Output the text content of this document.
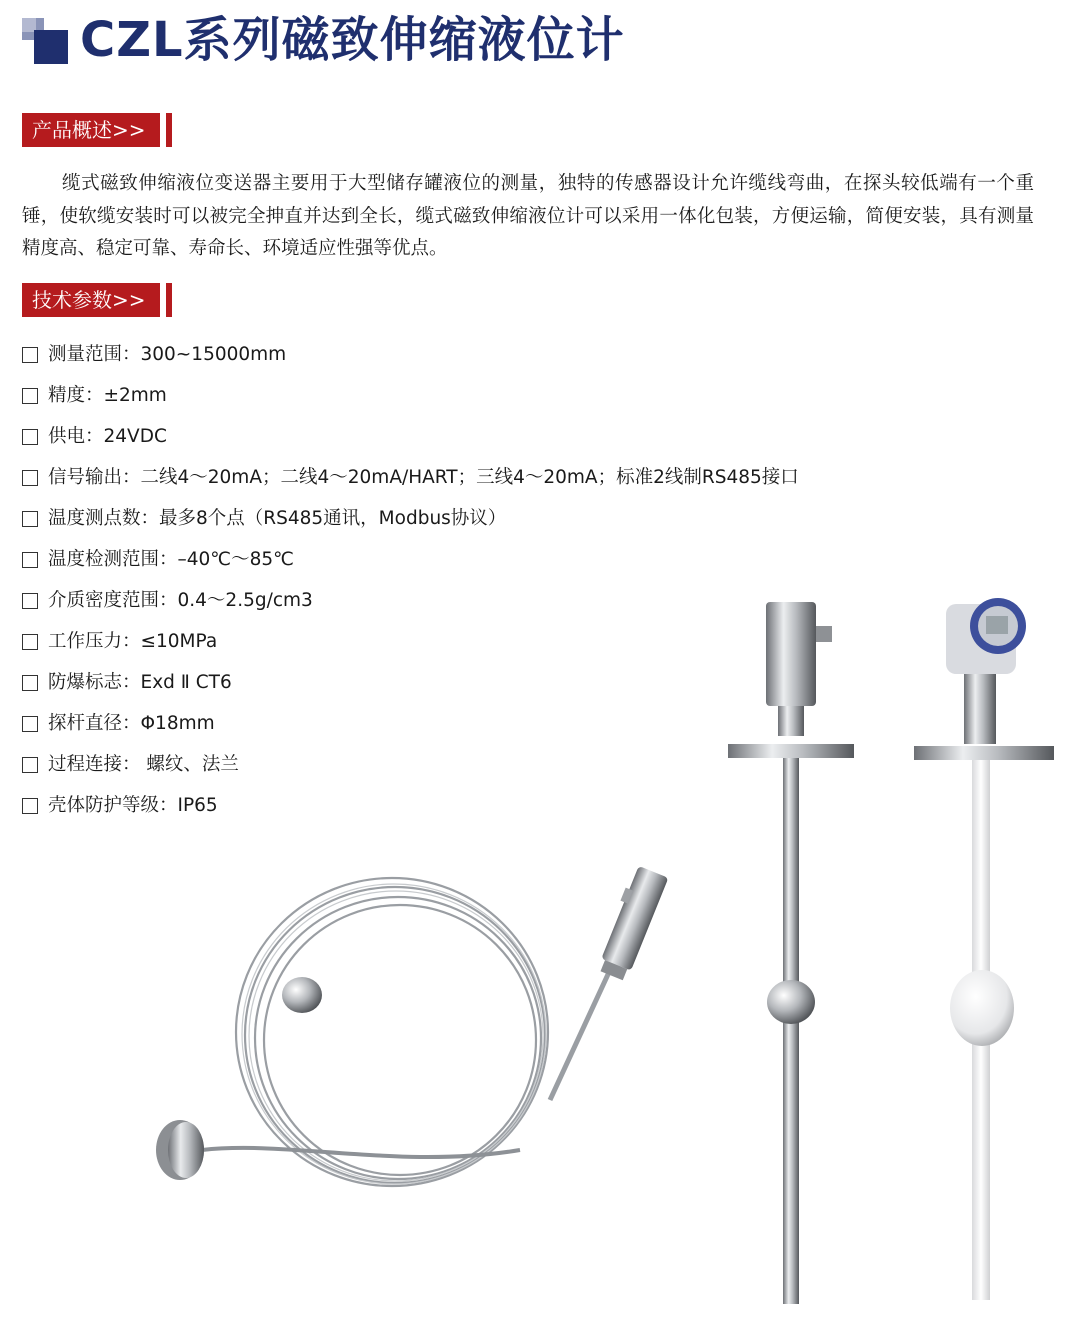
CZL系列磁致伸缩液位计
产品概述>>

缆式磁致伸缩液位变送器主要用于大型储存罐液位的测量，独特的传感器设计允许缆线弯曲，在探头较低端有一个重锤，使软缆安装时可以被完全抻直并达到全长，缆式磁致伸缩液位计可以采用一体化包装，方便运输，简便安装，具有测量精度高、稳定可靠、寿命长、环境适应性强等优点。

技术参数>>
测量范围：300~15000mm
精度：±2mm
供电：24VDC
信号输出：二线4～20mA；二线4～20mA/HART；三线4～20mA；标准2线制RS485接口
温度测点数：最多8个点（RS485通讯，Modbus协议）
温度检测范围：–40℃～85℃
介质密度范围：0.4～2.5g/cm3
工作压力：≤10MPa
防爆标志：Exd Ⅱ CT6
探杆直径：Φ18mm
过程连接： 螺纹、法兰
壳体防护等级：IP65
